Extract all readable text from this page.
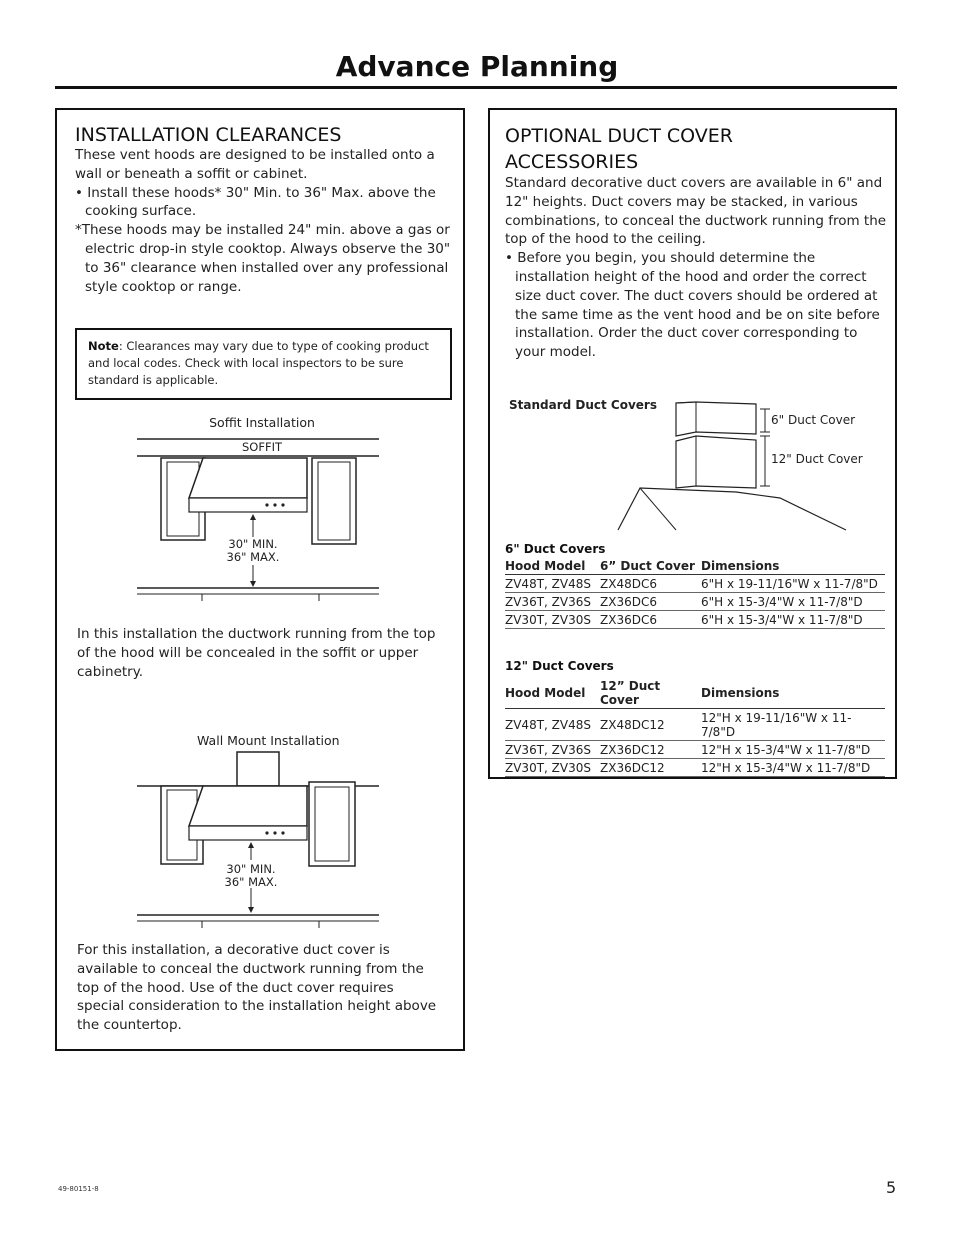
Advance Planning
INSTALLATION CLEARANCES
These vent hoods are designed to be installed onto a wall or beneath a soffit or cabinet.
• Install these hoods* 30" Min. to 36" Max. above the cooking surface.
*These hoods may be installed 24" min. above a gas or electric drop-in style cooktop. Always observe the 30" to 36" clearance when installed over any professional style cooktop or range.
Note: Clearances may vary due to type of cooking product and local codes. Check with local inspectors to be sure standard is applicable.
Soffit Installation
SOFFIT
30" MIN.
36" MAX.
In this installation the ductwork running from the top of the hood will be concealed in the soffit or upper cabinetry.
Wall Mount Installation
30" MIN.
36" MAX.
For this installation, a decorative duct cover is available to conceal the ductwork running from the top of the hood. Use of the duct cover requires special consideration to the installation height above the countertop.
OPTIONAL DUCT COVER
ACCESSORIES
Standard decorative duct covers are available in 6" and 12" heights. Duct covers may be stacked, in various combinations, to conceal the ductwork running from the top of the hood to the ceiling.
• Before you begin, you should determine the installation height of the hood and order the correct size duct cover. The duct covers should be ordered at the same time as the vent hood and be on site before installation. Order the duct cover corresponding to your model.
Standard Duct Covers
6" Duct Cover
12" Duct Cover
6" Duct Covers
Hood Model	6” Duct Cover	Dimensions
ZV48T, ZV48S	ZX48DC6	6"H x 19-11/16"W x 11-7/8"D
ZV36T, ZV36S	ZX36DC6	6"H x 15-3/4"W x 11-7/8"D
ZV30T, ZV30S	ZX36DC6	6"H x 15-3/4"W x 11-7/8"D
12" Duct Covers
Hood Model	12” Duct Cover	Dimensions
ZV48T, ZV48S	ZX48DC12	12"H x 19-11/16"W x 11-7/8"D
ZV36T, ZV36S	ZX36DC12	12"H x 15-3/4"W x 11-7/8"D
ZV30T, ZV30S	ZX36DC12	12"H x 15-3/4"W x 11-7/8"D
49-80151-8	5
